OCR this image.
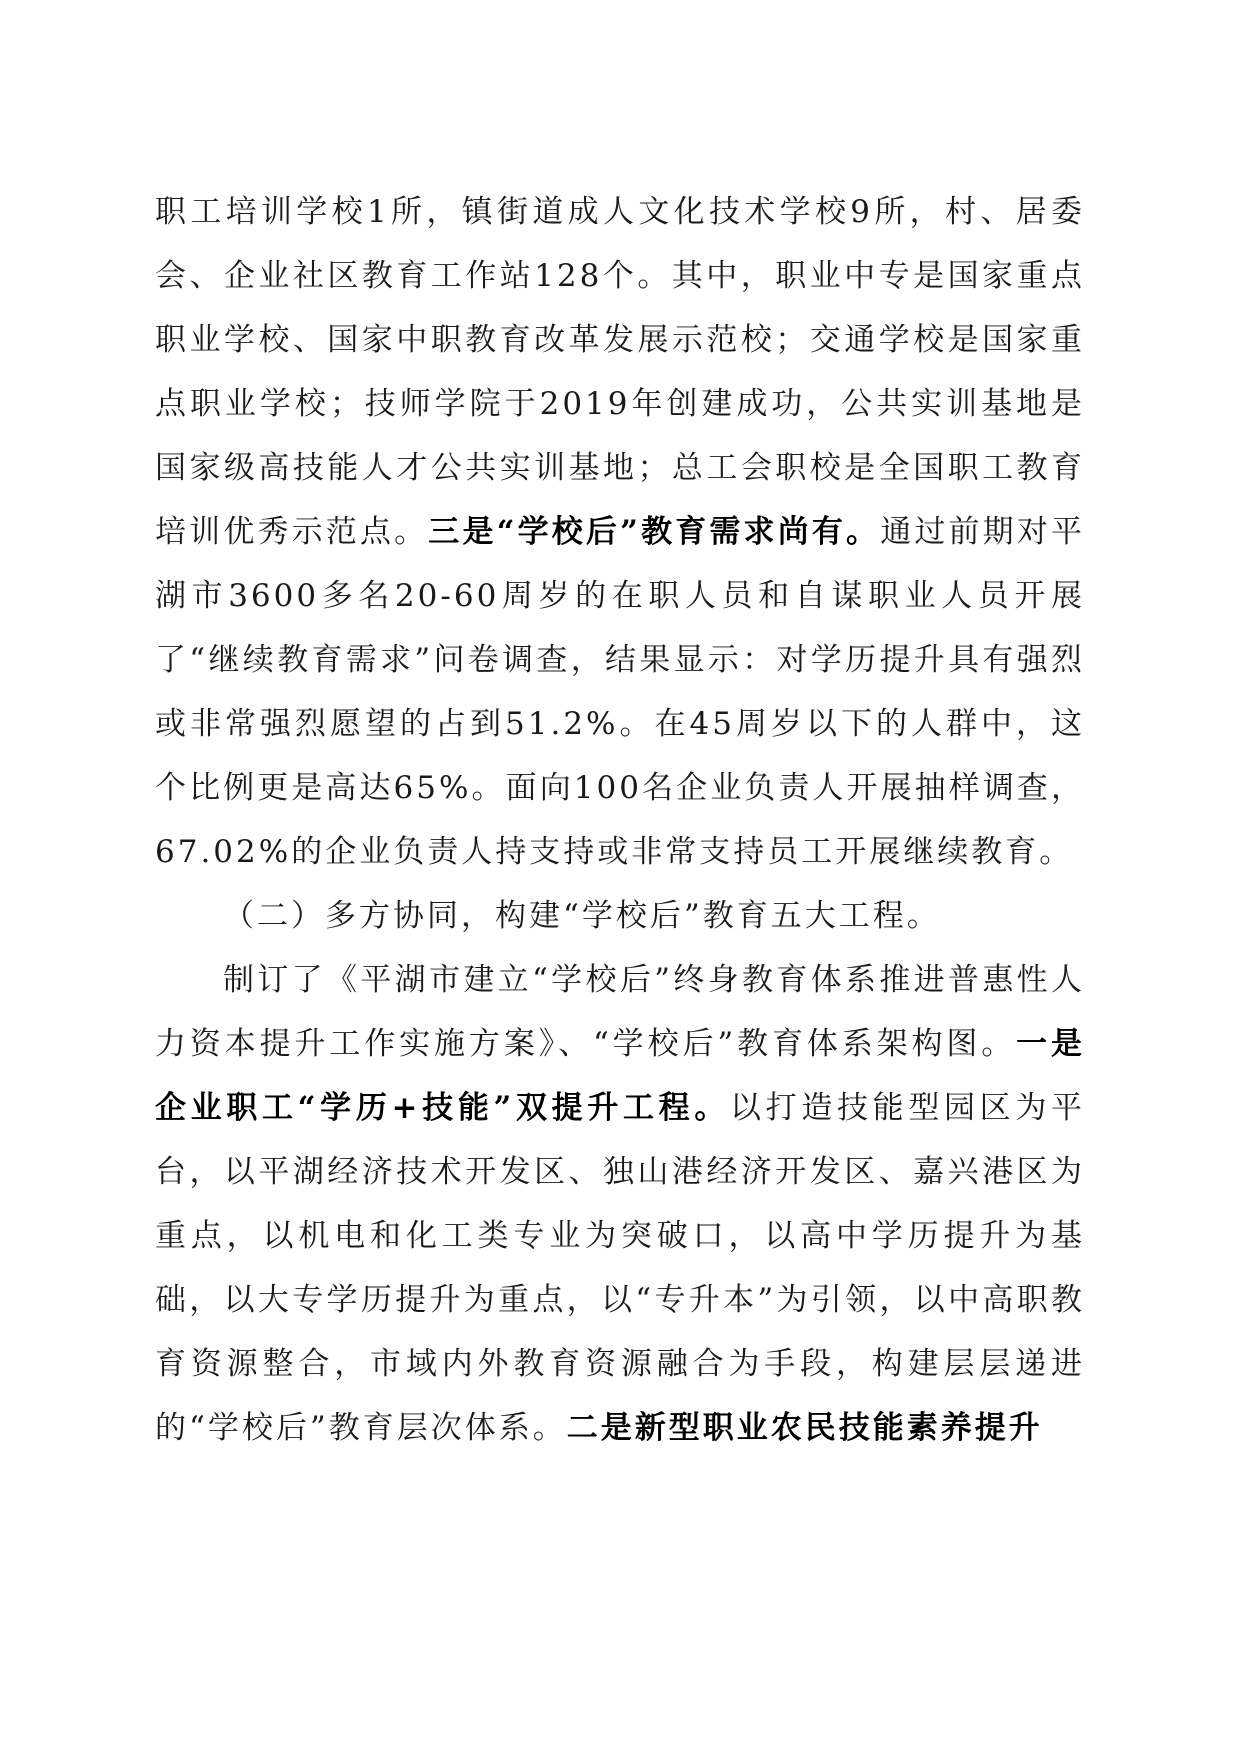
职工培训学校1所，镇街道成人文化技术学校9所，村、居委会、企业社区教育工作站128个。其中，职业中专是国家重点职业学校、国家中职教育改革发展示范校；交通学校是国家重点职业学校；技师学院于2019年创建成功，公共实训基地是国家级高技能人才公共实训基地；总工会职校是全国职工教育培训优秀示范点。三是“学校后”教育需求尚有。通过前期对平湖市3600多名20-60周岁的在职人员和自谋职业人员开展了“继续教育需求”问卷调查，结果显示：对学历提升具有强烈或非常强烈愿望的占到51.2%。在45周岁以下的人群中，这个比例更是高达65%。面向100名企业负责人开展抽样调查，67.02%的企业负责人持支持或非常支持员工开展继续教育。

（二）多方协同，构建“学校后”教育五大工程。

制订了《平湖市建立“学校后”终身教育体系推进普惠性人力资本提升工作实施方案》、“学校后”教育体系架构图。一是企业职工“学历+技能”双提升工程。以打造技能型园区为平台，以平湖经济技术开发区、独山港经济开发区、嘉兴港区为重点，以机电和化工类专业为突破口，以高中学历提升为基础，以大专学历提升为重点，以“专升本”为引领，以中高职教育资源整合，市域内外教育资源融合为手段，构建层层递进的“学校后”教育层次体系。二是新型职业农民技能素养提升
